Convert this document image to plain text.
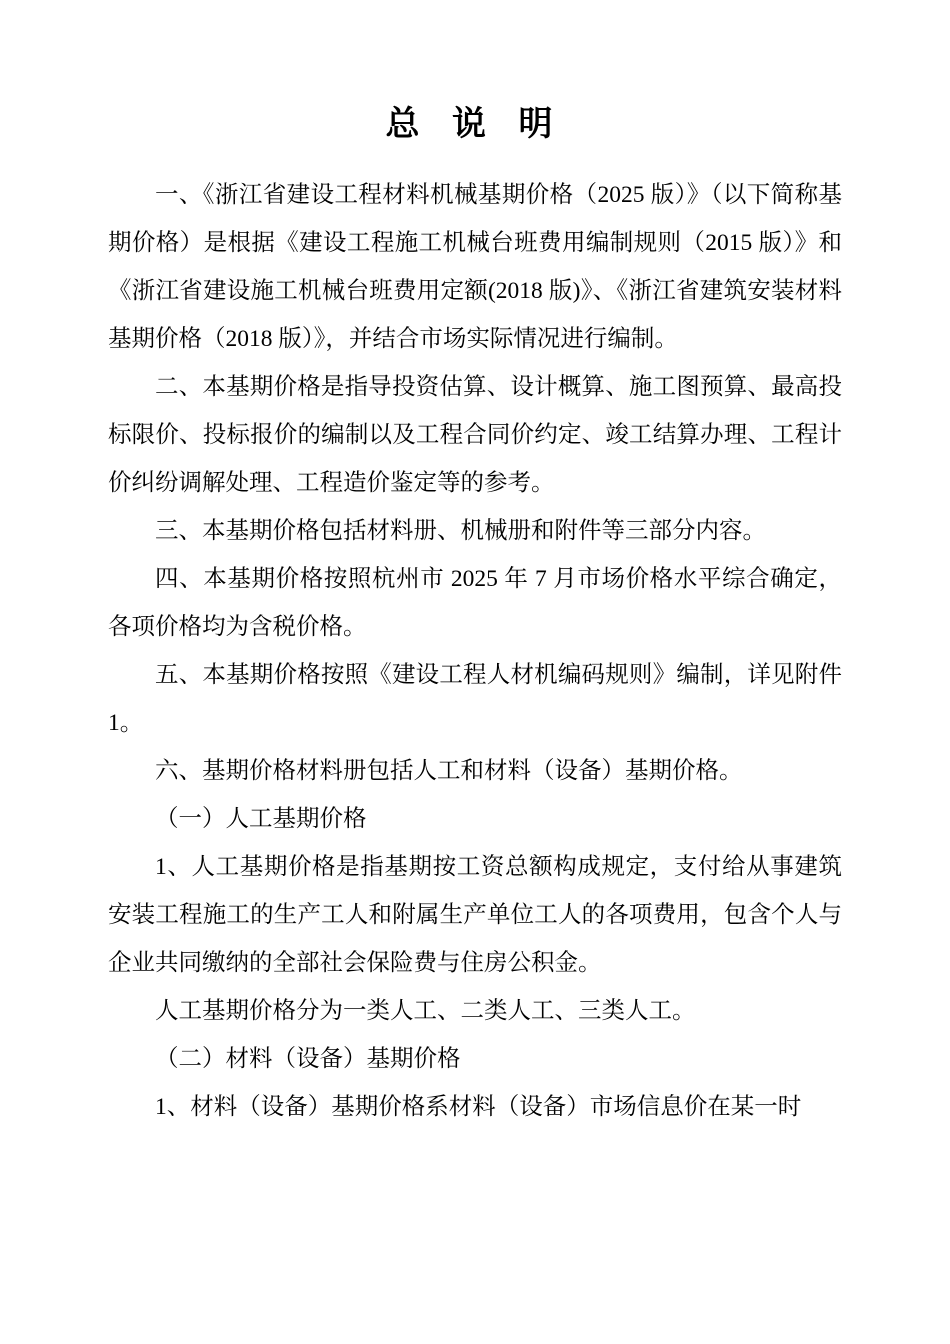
总 说 明

一、《浙江省建设工程材料机械基期价格（2025 版）》（以下简称基期价格）是根据《建设工程施工机械台班费用编制规则（2015 版）》和《浙江省建设施工机械台班费用定额(2018 版)》、《浙江省建筑安装材料基期价格（2018 版）》，并结合市场实际情况进行编制。

二、本基期价格是指导投资估算、设计概算、施工图预算、最高投标限价、投标报价的编制以及工程合同价约定、竣工结算办理、工程计价纠纷调解处理、工程造价鉴定等的参考。

三、本基期价格包括材料册、机械册和附件等三部分内容。

四、本基期价格按照杭州市 2025 年 7 月市场价格水平综合确定，各项价格均为含税价格。

五、本基期价格按照《建设工程人材机编码规则》编制，详见附件 1。

六、基期价格材料册包括人工和材料（设备）基期价格。

（一）人工基期价格

1、人工基期价格是指基期按工资总额构成规定，支付给从事建筑安装工程施工的生产工人和附属生产单位工人的各项费用，包含个人与企业共同缴纳的全部社会保险费与住房公积金。

人工基期价格分为一类人工、二类人工、三类人工。

（二）材料（设备）基期价格

1、材料（设备）基期价格系材料（设备）市场信息价在某一时
